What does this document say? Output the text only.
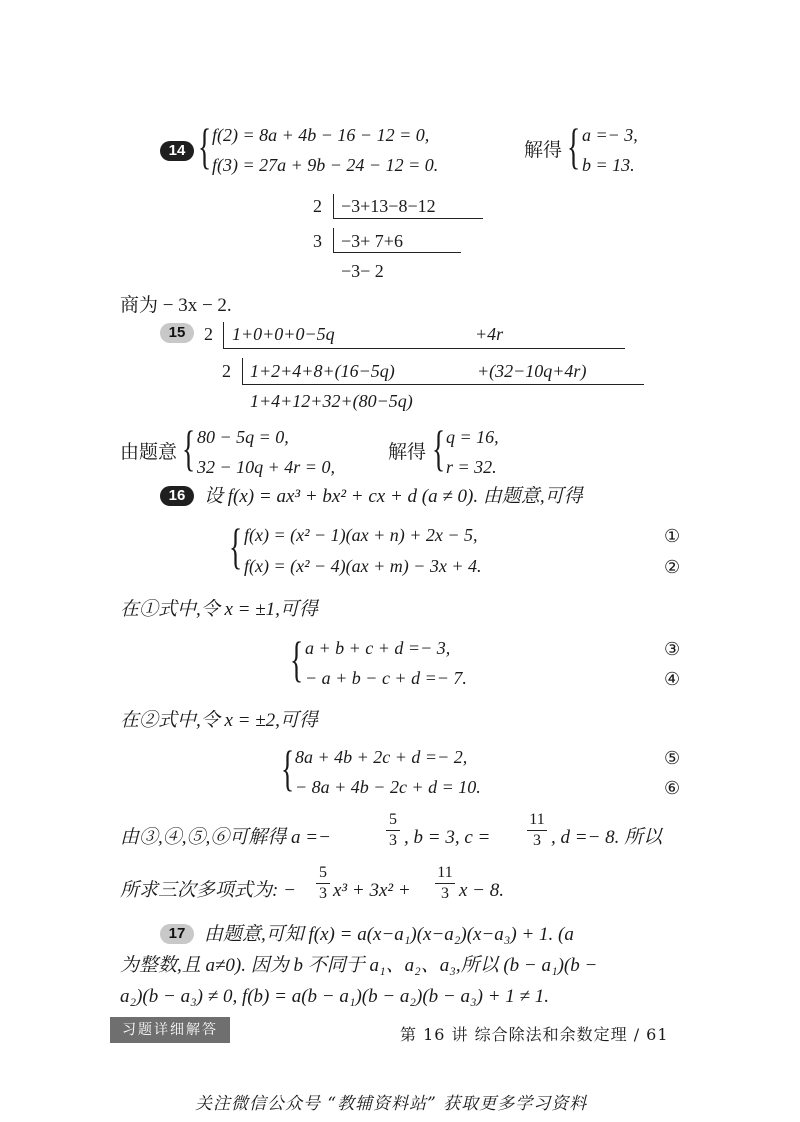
14 { f(2) = 8a + 4b − 16 − 12 = 0,
f(3) = 27a + 9b − 24 − 12 = 0.
解得 { a =− 3,
b = 13.
2 −3+13−8−12
3 −3+ 7+6
−3− 2
商为 − 3x − 2.
15	2 1+0+0+0−5q	+4r
2 1+2+4+8+(16−5q)	+(32−10q+4r)
1+4+12+32+(80−5q)
由题意 { 80 − 5q = 0,
32 − 10q + 4r = 0,
解得 { q = 16,
r = 32.
16 设 f(x) = ax³ + bx² + cx + d (a ≠ 0). 由题意,可得
{ f(x) = (x² − 1)(ax + n) + 2x − 5,	①
f(x) = (x² − 4)(ax + m) − 3x + 4.	②
在①式中,令 x = ±1,可得
{ a + b + c + d =− 3,	③
− a + b − c + d =− 7.	④
在②式中,令 x = ±2,可得
{ 8a + 4b + 2c + d =− 2,	⑤
− 8a + 4b − 2c + d = 10.	⑥
由③,④,⑤,⑥可解得 a =−
5
3 , b = 3, c =
11
3 , d =− 8. 所以
所求三次多项式为: −
5
3 x³ + 3x² +
11
3 x − 8.
17 由题意,可知 f(x) = a(x−a₁)(x−a₂)(x−a₃) + 1. (a
为整数,且 a≠0). 因为 b 不同于 a₁、a₂、a₃,所以 (b − a₁)(b −
a₂)(b − a₃) ≠ 0, f(b) = a(b − a₁)(b − a₂)(b − a₃) + 1 ≠ 1.
习题详细解答	第 16 讲 综合除法和余数定理 / 61
关注微信公众号 “教辅资料站” 获取更多学习资料
